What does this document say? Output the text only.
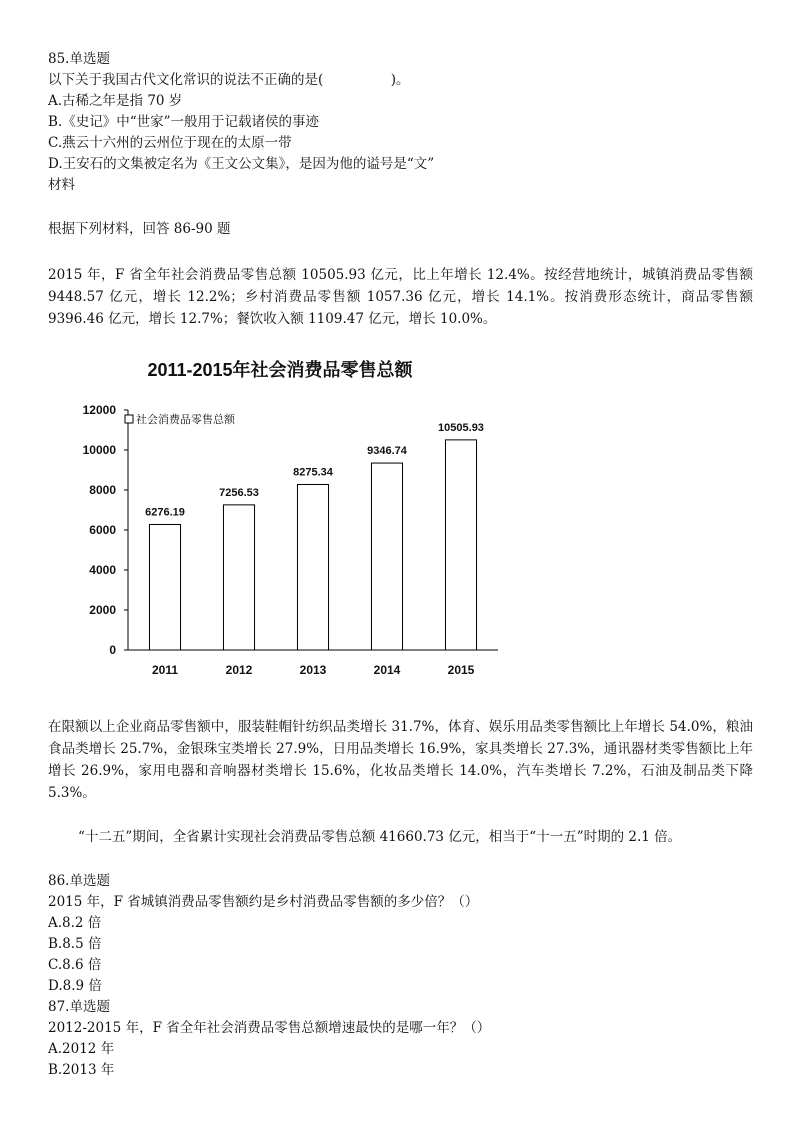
85.单选题
以下关于我国古代文化常识的说法不正确的是(　　　　　)。
A.古稀之年是指 70 岁
B.《史记》中“世家”一般用于记载诸侯的事迹
C.燕云十六州的云州位于现在的太原一带
D.王安石的文集被定名为《王文公文集》，是因为他的谥号是“文”
材料
根据下列材料，回答 86-90 题
2015 年，F 省全年社会消费品零售总额 10505.93 亿元，比上年增长 12.4%。按经营地统计，城镇消费品零售额 9448.57 亿元，增长 12.2%；乡村消费品零售额 1057.36 亿元，增长 14.1%。按消费形态统计，商品零售额 9396.46 亿元，增长 12.7%；餐饮收入额 1109.47 亿元，增长 10.0%。
2011-2015年社会消费品零售总额
0
2000
4000
6000
8000
10000
12000
6276.19
7256.53
8275.34
9346.74
10505.93
2011	2012	2013	2014	2015
社会消费品零售总额
在限额以上企业商品零售额中，服装鞋帽针纺织品类增长 31.7%，体育、娱乐用品类零售额比上年增长 54.0%，粮油食品类增长 25.7%，金银珠宝类增长 27.9%，日用品类增长 16.9%，家具类增长 27.3%，通讯器材类零售额比上年增长 26.9%，家用电器和音响器材类增长 15.6%，化妆品类增长 14.0%，汽车类增长 7.2%，石油及制品类下降 5.3%。
“十二五”期间，全省累计实现社会消费品零售总额 41660.73 亿元，相当于“十一五”时期的 2.1 倍。
86.单选题
2015 年，F 省城镇消费品零售额约是乡村消费品零售额的多少倍？（）
A.8.2 倍
B.8.5 倍
C.8.6 倍
D.8.9 倍
87.单选题
2012-2015 年，F 省全年社会消费品零售总额增速最快的是哪一年？（）
A.2012 年
B.2013 年
